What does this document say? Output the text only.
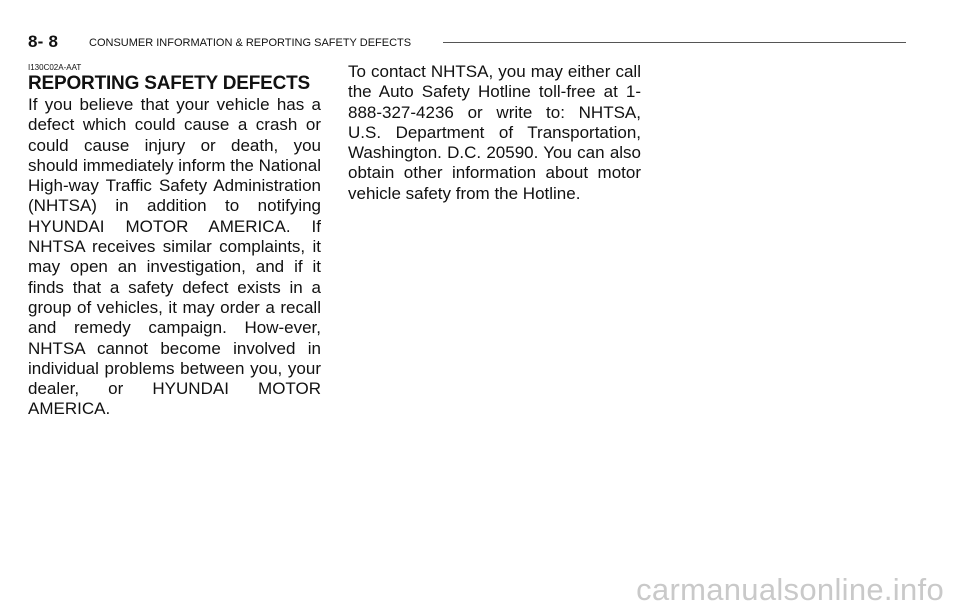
8- 8	CONSUMER INFORMATION & REPORTING SAFETY DEFECTS
I130C02A-AAT
REPORTING SAFETY DEFECTS

If you believe that your vehicle has a defect which could cause a crash or could cause injury or death, you should immediately inform the National High-way Traffic Safety Administration (NHTSA) in addition to notifying HYUNDAI MOTOR AMERICA. If NHTSA receives similar complaints, it may open an investigation, and if it finds that a safety defect exists in a group of vehicles, it may order a recall and remedy campaign. How-ever, NHTSA cannot become involved in individual problems between you, your dealer, or HYUNDAI MOTOR AMERICA.

To contact NHTSA, you may either call the Auto Safety Hotline toll-free at 1-888-327-4236 or write to: NHTSA, U.S. Department of Transportation, Washington. D.C. 20590. You can also obtain other information about motor vehicle safety from the Hotline.

carmanualsonline.info
